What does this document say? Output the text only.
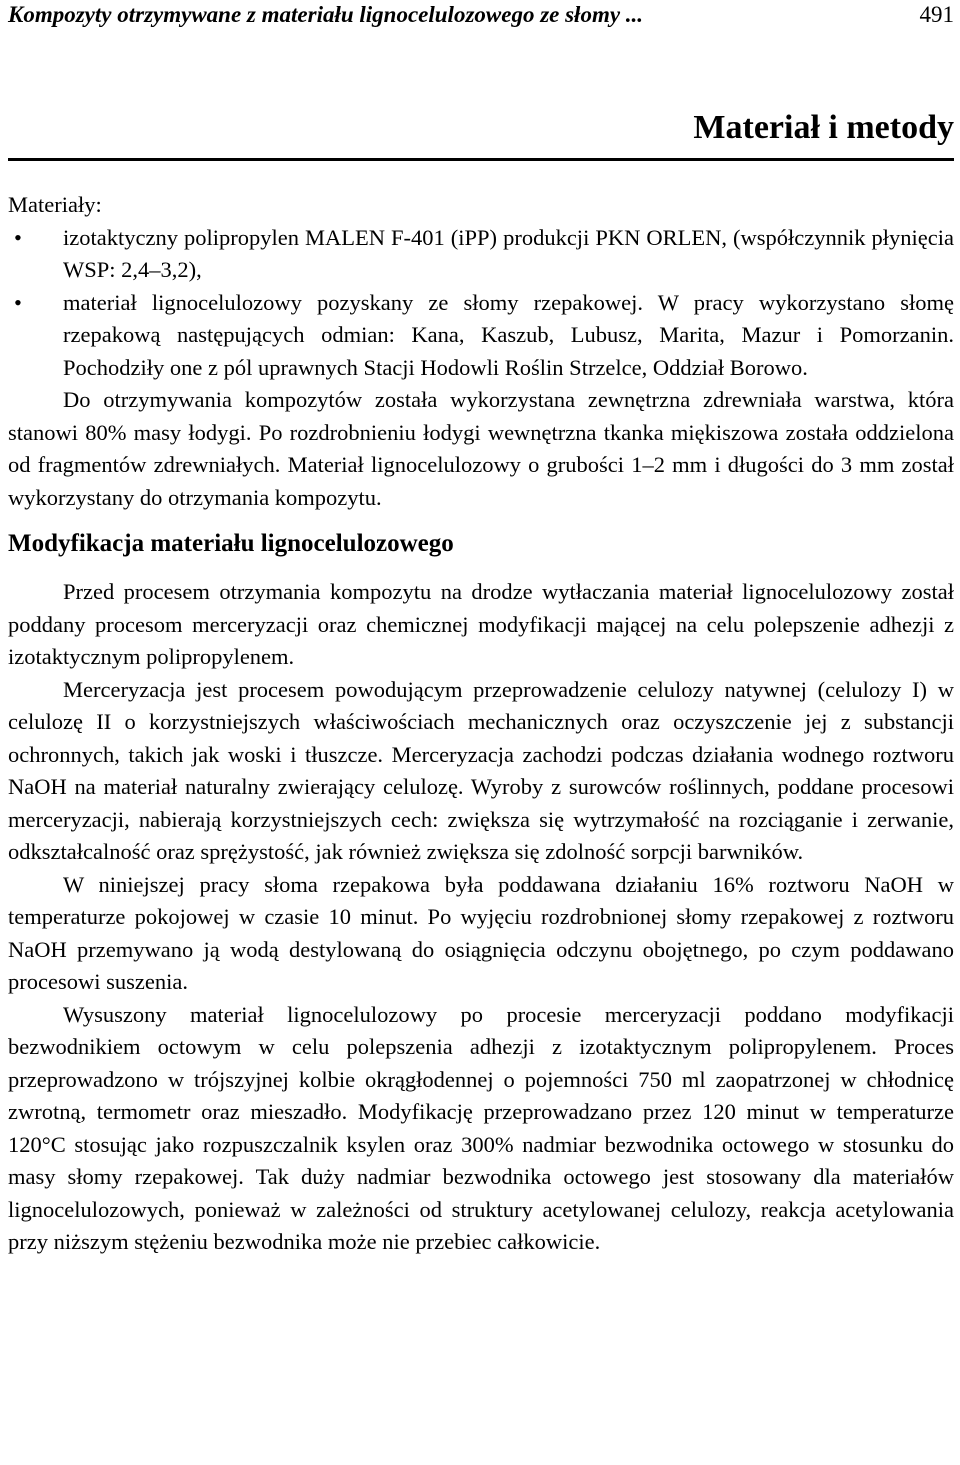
Kompozyty otrzymywane z materiału lignocelulozowego ze słomy ...	491
Materiał i metody

Materiały:

• izotaktyczny polipropylen MALEN F-401 (iPP) produkcji PKN ORLEN, (współczynnik płynięcia WSP: 2,4–3,2),
• materiał lignocelulozowy pozyskany ze słomy rzepakowej. W pracy wykorzystano słomę rzepakową następujących odmian: Kana, Kaszub, Lubusz, Marita, Mazur i Pomorzanin. Pochodziły one z pól uprawnych Stacji Hodowli Roślin Strzelce, Oddział Borowo.

Do otrzymywania kompozytów została wykorzystana zewnętrzna zdrewniała warstwa, która stanowi 80% masy łodygi. Po rozdrobnieniu łodygi wewnętrzna tkanka miękiszowa została oddzielona od fragmentów zdrewniałych. Materiał lignocelulozowy o grubości 1–2 mm i długości do 3 mm został wykorzystany do otrzymania kompozytu.

Modyfikacja materiału lignocelulozowego

Przed procesem otrzymania kompozytu na drodze wytłaczania materiał lignocelulozowy został poddany procesom merceryzacji oraz chemicznej modyfikacji mającej na celu polepszenie adhezji z izotaktycznym polipropylenem.

Merceryzacja jest procesem powodującym przeprowadzenie celulozy natywnej (celulozy I) w celulozę II o korzystniejszych właściwościach mechanicznych oraz oczyszczenie jej z substancji ochronnych, takich jak woski i tłuszcze. Merceryzacja zachodzi podczas działania wodnego roztworu NaOH na materiał naturalny zwierający celulozę. Wyroby z surowców roślinnych, poddane procesowi merceryzacji, nabierają korzystniejszych cech: zwiększa się wytrzymałość na rozciąganie i zerwanie, odkształcalność oraz sprężystość, jak również zwiększa się zdolność sorpcji barwników.

W niniejszej pracy słoma rzepakowa była poddawana działaniu 16% roztworu NaOH w temperaturze pokojowej w czasie 10 minut. Po wyjęciu rozdrobnionej słomy rzepakowej z roztworu NaOH przemywano ją wodą destylowaną do osiągnięcia odczynu obojętnego, po czym poddawano procesowi suszenia.

Wysuszony materiał lignocelulozowy po procesie merceryzacji poddano modyfikacji bezwodnikiem octowym w celu polepszenia adhezji z izotaktycznym polipropylenem. Proces przeprowadzono w trójszyjnej kolbie okrągłodennej o pojemności 750 ml zaopatrzonej w chłodnicę zwrotną, termometr oraz mieszadło. Modyfikację przeprowadzano przez 120 minut w temperaturze 120°C stosując jako rozpuszczalnik ksylen oraz 300% nadmiar bezwodnika octowego w stosunku do masy słomy rzepakowej. Tak duży nadmiar bezwodnika octowego jest stosowany dla materiałów lignocelulozowych, ponieważ w zależności od struktury acetylowanej celulozy, reakcja acetylowania przy niższym stężeniu bezwodnika może nie przebiec całkowicie.
